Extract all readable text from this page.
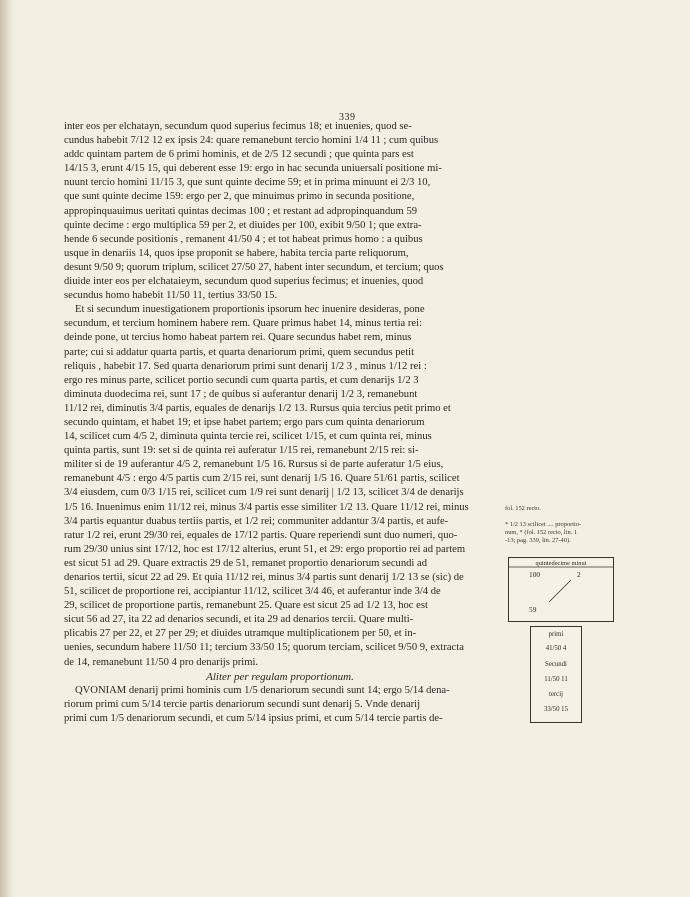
339
inter eos per elchatayn, secundum quod superius fecimus 18; et inuenies, quod se-
cundus habebit 7/12 12 ex ipsis 24: quare remanebunt tercio homini 1/4 11 ; cum quibus
addc quintam partem de 6 primi hominis, et de 2/5 12 secundi ; que quinta pars est
14/15 3, erunt 4/15 15, qui deberent esse 19: ergo in hac secunda uniuersali positione mi-
nuunt tercio homini 11/15 3, que sunt quinte decime 59; et in prima minuunt ei 2/3 10,
que sunt quinte decime 159: ergo per 2, que minuimus primo in secunda positione,
appropinquauimus ueritati quintas decimas 100 ; et restant ad adpropinquandum 59
quinte decime : ergo multiplica 59 per 2, et diuides per 100, exibit 9/50 1; que extra-
hende 6 secunde positionis , remanent 41/50 4 ; et tot habeat primus homo : a quibus
usque in denariis 14, quos ipse proponit se habere, habita tercia parte reliquorum,
desunt 9/50 9; quorum triplum, scilicet 27/50 27, habent inter secundum, et tercium; quos
diuide inter eos per elchataieym, secundum quod superius fecimus; et inuenies, quod
secundus homo habebit 11/50 11, tertius 33/50 15.
Et si secundum inuestigationem proportionis ipsorum hec inuenire desideras, pone
secundum, et tercium hominem habere rem. Quare primus habet 14, minus tertia rei:
deinde pone, ut tercius homo habeat partem rei. Quare secundus habet rem, minus
parte; cui si addatur quarta partis, et quarta denariorum primi, quem secundus petit
reliquis , habebit 17. Sed quarta denariorum primi sunt denarij 1/2 3 , minus 1/12 rei :
ergo res minus parte, scilicet portio secundi cum quarta partis, et cum denarijs 1/2 3
diminuta duodecima rei, sunt 17 ; de quibus si auferantur denarij 1/2 3, remanebunt
11/12 rei, diminutis 3/4 partis, equales de denarijs 1/2 13. Rursus quia tercius petit primo et
secundo quintam, et habet 19; et ipse habet partem; ergo pars cum quinta denariorum
14, scilicet cum 4/5 2, diminuta quinta tercie rei, scilicet 1/15, et cum quinta rei, minus
quinta partis, sunt 19: set si de quinta rei auferatur 1/15 rei, remanebunt 2/15 rei: si-
militer si de 19 auferantur 4/5 2, remanebunt 1/5 16. Rursus si de parte auferatur 1/5 eius,
remanebunt 4/5 : ergo 4/5 partis cum 2/15 rei, sunt denarij 1/5 16. Quare 51/61 partis, scilicet
3/4 eiusdem, cum 0/3 1/15 rei, scilicet cum 1/9 rei sunt denarij | 1/2 13, scilicet 3/4 de denarijs
1/5 16. Inuenimus enim 11/12 rei, minus 3/4 partis esse similiter 1/2 13. Quare 11/12 rei, minus
3/4 partis equantur duabus tertiis partis, et 1/2 rei; communiter addantur 3/4 partis, et aufe-
ratur 1/2 rei, erunt 29/30 rei, equales de 17/12 partis. Quare reperiendi sunt duo numeri, quo-
rum 29/30 unius sint 17/12, hoc est 17/12 alterius, erunt 51, et 29: ergo proportio rei ad partem
est sicut 51 ad 29. Quare extractis 29 de 51, remanet proportio denariorum secundi ad
denarios tertii, sicut 22 ad 29. Et quia 11/12 rei, minus 3/4 partis sunt denarij 1/2 13 se (sic) de
51, scilicet de proportione rei, accipiantur 11/12, scilicet 3/4 46, et auferantur inde 3/4 de
29, scilicet de proportione partis, remanebunt 25. Quare est sicut 25 ad 1/2 13, hoc est
sicut 56 ad 27, ita 22 ad denarios secundi, et ita 29 ad denarios tercii. Quare multi-
plicabis 27 per 22, et 27 per 29; et diuides utramque multiplicationem per 50, et in-
uenies, secundum habere 11/50 11; tercium 33/50 15; quorum terciam, scilicet 9/50 9, extracta
de 14, remanebunt 11/50 4 pro denarijs primi.
Aliter per regulam proportionum.
QVONIAM denarij primi hominis cum 1/5 denariorum secundi sunt 14; ergo 5/14 dena-
riorum primi cum 5/14 tercie partis denariorum secundi sunt denarij 5. Vnde denarij
primi cum 1/5 denariorum secundi, et cum 5/14 ipsius primi, et cum 5/14 tercie partis de-
fol. 152 recto.
* 1/2 13 scilicet .... proportio-
num, * (fol. 152 recto, lin. 1
-13; pag. 339, lin. 27-40).
quintedecime minui
100	2
59
primi
41/50 4
Secundi
11/50 11
tercij
33/50 15
